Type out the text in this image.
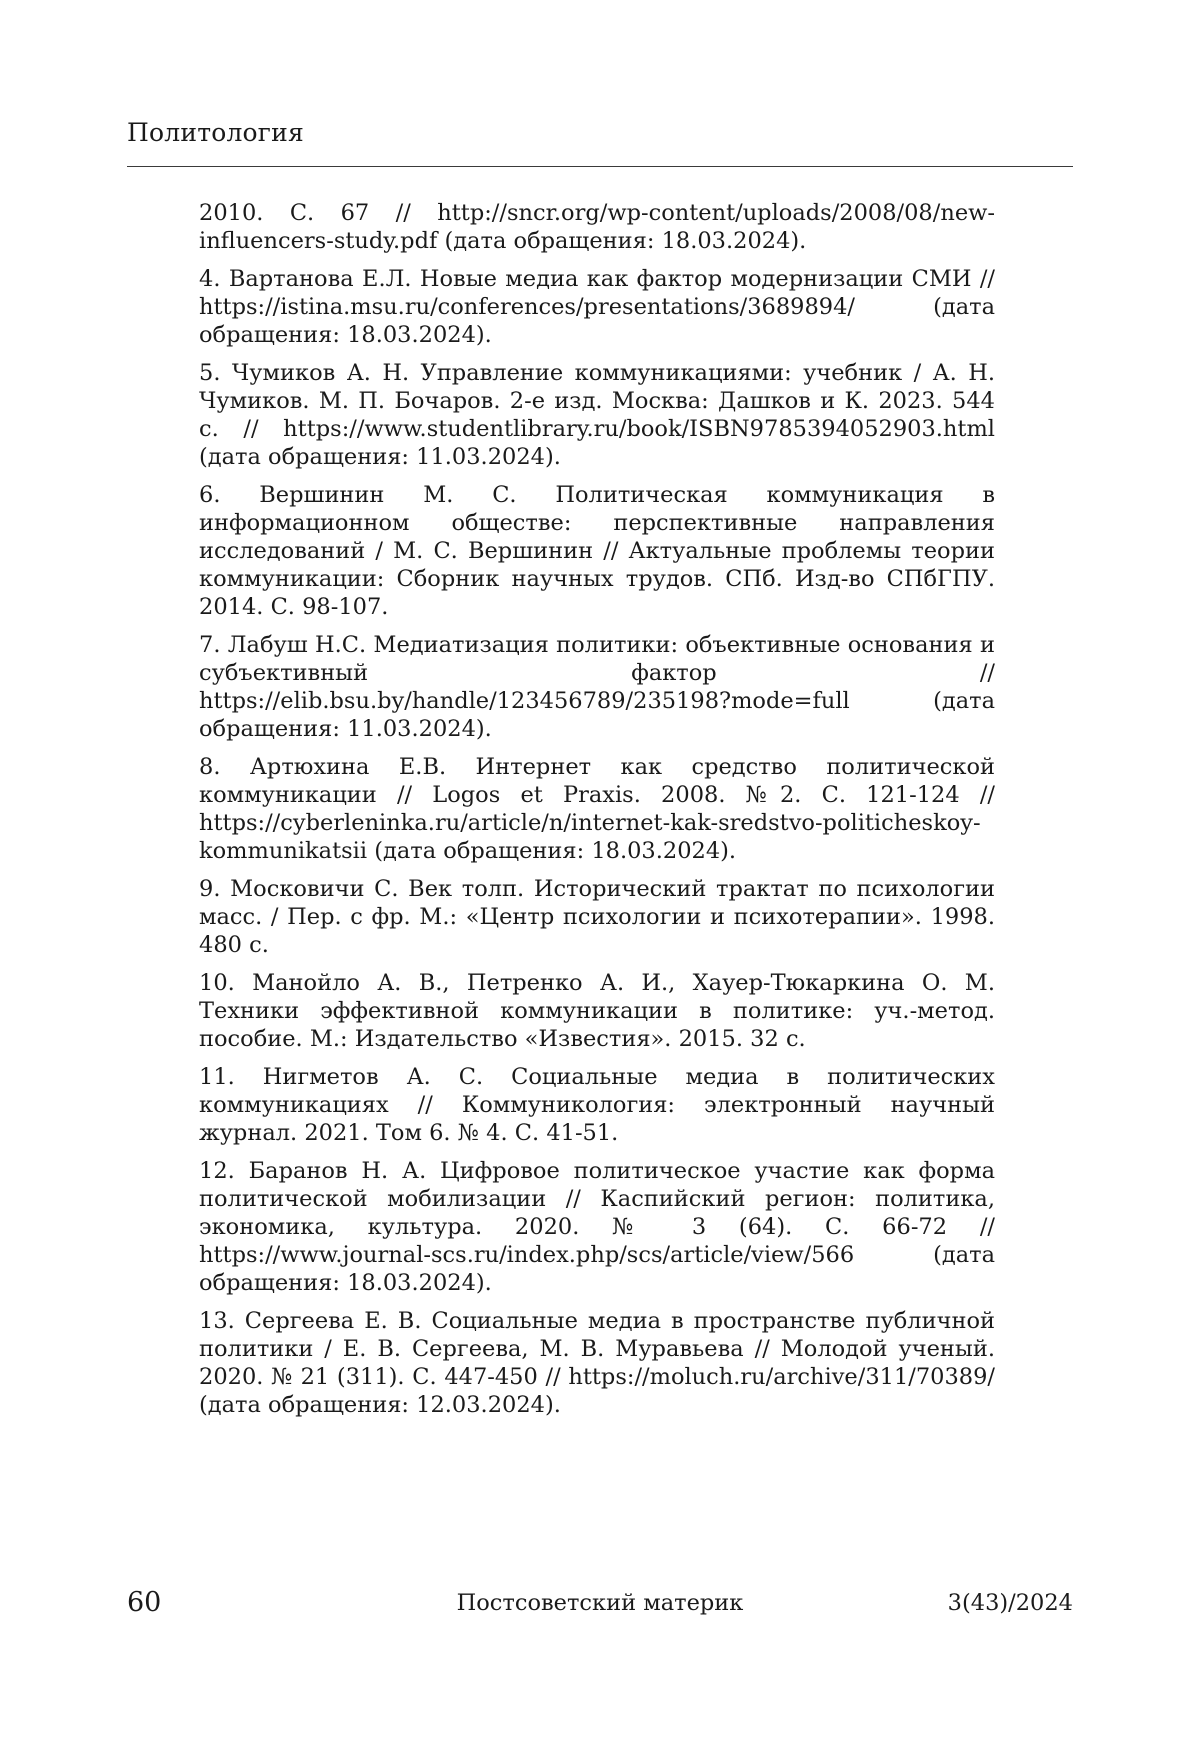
Политология

2010. С. 67 // http://sncr.org/wp-content/uploads/2008/08/new-influencers-study.pdf (дата обращения: 18.03.2024).

4. Вартанова Е.Л. Новые медиа как фактор модернизации СМИ // https://istina.msu.ru/conferences/presentations/3689894/ (дата обращения: 18.03.2024).

5. Чумиков А. Н. Управление коммуникациями: учебник / А. Н. Чумиков. М. П. Бочаров. 2-е изд. Москва: Дашков и К. 2023. 544 с. // https://www.studentlibrary.ru/book/ISBN9785394052903.html (дата обращения: 11.03.2024).

6. Вершинин М. С. Политическая коммуникация в информационном обществе: перспективные направления исследований / М. С. Вершинин // Актуальные проблемы теории коммуникации: Сборник научных трудов. СПб. Изд-во СПбГПУ. 2014. С. 98-107.

7. Лабуш Н.С. Медиатизация политики: объективные основания и субъективный фактор // https://elib.bsu.by/handle/123456789/235198?mode=full (дата обращения: 11.03.2024).

8. Артюхина Е.В. Интернет как средство политической коммуникации // Logos et Praxis. 2008. №2. С. 121-124 // https://cyberleninka.ru/article/n/internet-kak-sredstvo-politicheskoy-kommunikatsii (дата обращения: 18.03.2024).

9. Московичи С. Век толп. Исторический трактат по психологии масс. / Пер. с фр. М.: «Центр психологии и психотерапии». 1998. 480 с.

10. Манойло А. В., Петренко А. И., Хауер-Тюкаркина О. М. Техники эффективной коммуникации в политике: уч.-метод. пособие. М.: Издательство «Известия». 2015. 32 с.

11. Нигметов А. С. Социальные медиа в политических коммуникациях // Коммуникология: электронный научный журнал. 2021. Том 6. № 4. С. 41-51.

12. Баранов Н. А. Цифровое политическое участие как форма политической мобилизации // Каспийский регион: политика, экономика, культура. 2020. № 3 (64). С. 66-72 // https://www.journal-scs.ru/index.php/scs/article/view/566 (дата обращения: 18.03.2024).

13. Сергеева Е. В. Социальные медиа в пространстве публичной политики / Е. В. Сергеева, М. В. Муравьева // Молодой ученый. 2020. № 21 (311). С. 447-450 // https://moluch.ru/archive/311/70389/ (дата обращения: 12.03.2024).

60	Постсоветский материк	3(43)/2024
